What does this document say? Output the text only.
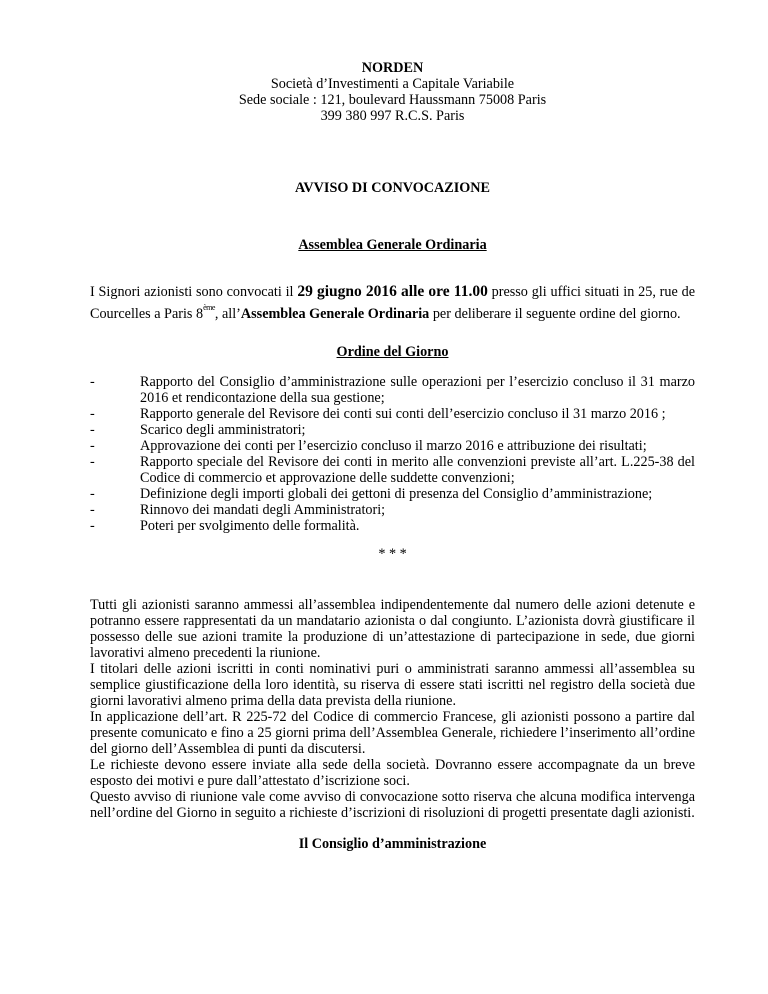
NORDEN
Società d’Investimenti a Capitale Variabile
Sede sociale : 121, boulevard Haussmann 75008 Paris
399 380 997 R.C.S. Paris
AVVISO DI CONVOCAZIONE
Assemblea Generale Ordinaria
I Signori azionisti sono convocati il 29 giugno 2016 alle ore 11.00 presso gli uffici situati in 25, rue de Courcelles a Paris 8ème, all’Assemblea Generale Ordinaria per deliberare il seguente ordine del giorno.
Ordine del Giorno
-	Rapporto del Consiglio d’amministrazione sulle operazioni per l’esercizio concluso il 31 marzo 2016 et rendicontazione della sua gestione;
-	Rapporto generale del Revisore dei conti sui conti dell’esercizio concluso il 31 marzo 2016 ;
-	Scarico degli amministratori;
-	Approvazione dei conti per l’esercizio concluso il marzo 2016 e attribuzione dei risultati;
-	Rapporto speciale del Revisore dei conti in merito alle convenzioni previste all’art. L.225-38 del Codice di commercio et approvazione delle suddette convenzioni;
-	Definizione degli importi globali dei gettoni di presenza del Consiglio d’amministrazione;
-	Rinnovo dei mandati degli Amministratori;
-	Poteri per svolgimento delle formalità.
* * *
Tutti gli azionisti saranno ammessi all’assemblea indipendentemente dal numero delle azioni detenute e potranno essere rappresentati da un mandatario azionista o dal congiunto. L’azionista dovrà giustificare il possesso delle sue azioni tramite la produzione di un’attestazione di partecipazione in sede, due giorni lavorativi almeno precedenti la riunione.
I titolari delle azioni iscritti in conti nominativi puri o amministrati saranno ammessi all’assemblea su semplice giustificazione della loro identità, su riserva di essere stati iscritti nel registro della società due giorni lavorativi almeno prima della data prevista della riunione.
In applicazione dell’art. R 225-72 del Codice di commercio Francese, gli azionisti possono a partire dal presente comunicato e fino a 25 giorni prima dell’Assemblea Generale, richiedere l’inserimento all’ordine del giorno dell’Assemblea di punti da discutersi.
Le richieste devono essere inviate alla sede della società. Dovranno essere accompagnate da un breve esposto dei motivi e pure dall’attestato d’iscrizione soci.
Questo avviso di riunione vale come avviso di convocazione sotto riserva che alcuna modifica intervenga nell’ordine del Giorno in seguito a richieste d’iscrizioni di risoluzioni di progetti presentate dagli azionisti.
Il Consiglio d’amministrazione
